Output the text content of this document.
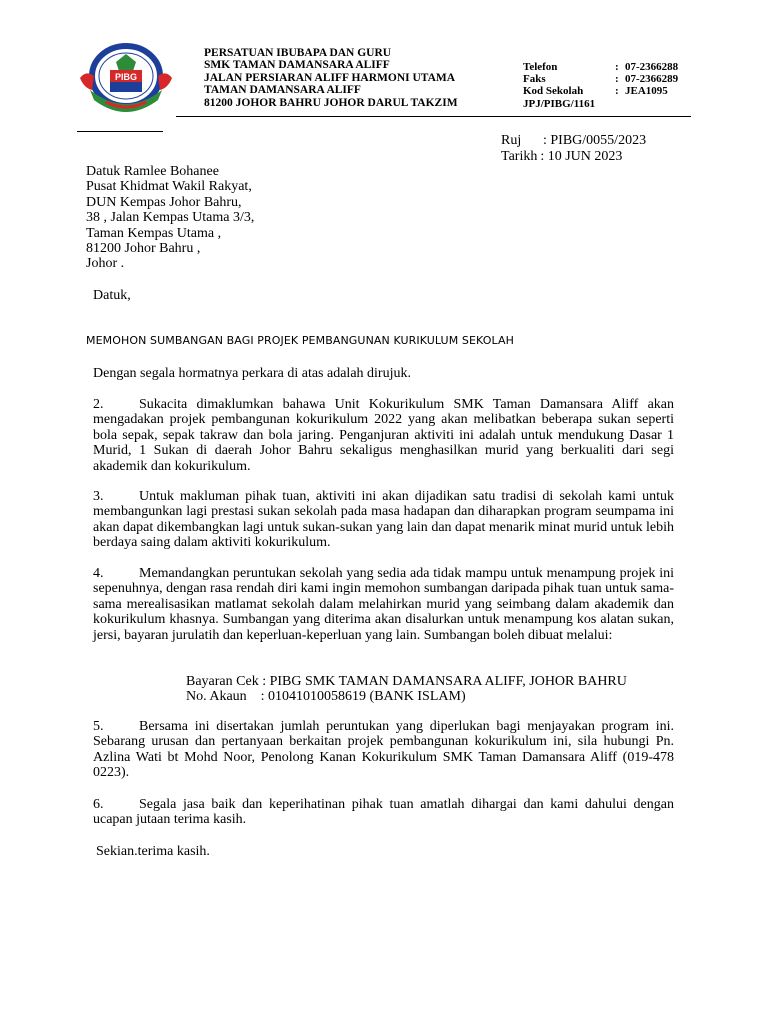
PIBG
PERSATUAN IBUBAPA DAN GURU
SMK TAMAN DAMANSARA ALIFF
JALAN PERSIARAN ALIFF HARMONI UTAMA
TAMAN DAMANSARA ALIFF
81200 JOHOR BAHRU JOHOR DARUL TAKZIM
Telefon	: 07-2366288
Faks	: 07-2366289
Kod Sekolah	: JEA1095
JPJ/PIBG/1161
Ruj	: PIBG/0055/2023
Tarikh : 10 JUN 2023
Datuk Ramlee Bohanee
Pusat Khidmat Wakil Rakyat,
DUN Kempas Johor Bahru,
38 , Jalan Kempas Utama 3/3,
Taman Kempas Utama ,
81200 Johor Bahru ,
Johor .
Datuk,
MEMOHON SUMBANGAN BAGI PROJEK PEMBANGUNAN KURIKULUM SEKOLAH
Dengan segala hormatnya perkara di atas adalah dirujuk.
2.	Sukacita dimaklumkan bahawa Unit Kokurikulum SMK Taman Damansara Aliff akan mengadakan projek pembangunan kokurikulum 2022 yang akan melibatkan beberapa sukan seperti bola sepak, sepak takraw dan bola jaring. Penganjuran aktiviti ini adalah untuk mendukung Dasar 1 Murid, 1 Sukan di daerah Johor Bahru sekaligus menghasilkan murid yang berkualiti dari segi akademik dan kokurikulum.
3.	Untuk makluman pihak tuan, aktiviti ini akan dijadikan satu tradisi di sekolah kami untuk membangunkan lagi prestasi sukan sekolah pada masa hadapan dan diharapkan program seumpama ini akan dapat dikembangkan lagi untuk sukan-sukan yang lain dan dapat menarik minat murid untuk lebih berdaya saing dalam aktiviti kokurikulum.
4.	Memandangkan peruntukan sekolah yang sedia ada tidak mampu untuk menampung projek ini sepenuhnya, dengan rasa rendah diri kami ingin memohon sumbangan daripada pihak tuan untuk sama- sama merealisasikan matlamat sekolah dalam melahirkan murid yang seimbang dalam akademik dan kokurikulum khasnya. Sumbangan yang diterima akan disalurkan untuk menampung kos alatan sukan, jersi, bayaran jurulatih dan keperluan-keperluan yang lain. Sumbangan boleh dibuat melalui:
Bayaran Cek : PIBG SMK TAMAN DAMANSARA ALIFF, JOHOR BAHRU
No. Akaun : 01041010058619 (BANK ISLAM)
5.	Bersama ini disertakan jumlah peruntukan yang diperlukan bagi menjayakan program ini. Sebarang urusan dan pertanyaan berkaitan projek pembangunan kokurikulum ini, sila hubungi Pn. Azlina Wati bt Mohd Noor, Penolong Kanan Kokurikulum SMK Taman Damansara Aliff (019-478 0223).
6.	Segala jasa baik dan keperihatinan pihak tuan amatlah dihargai dan kami dahului dengan ucapan jutaan terima kasih.
Sekian.terima kasih.
